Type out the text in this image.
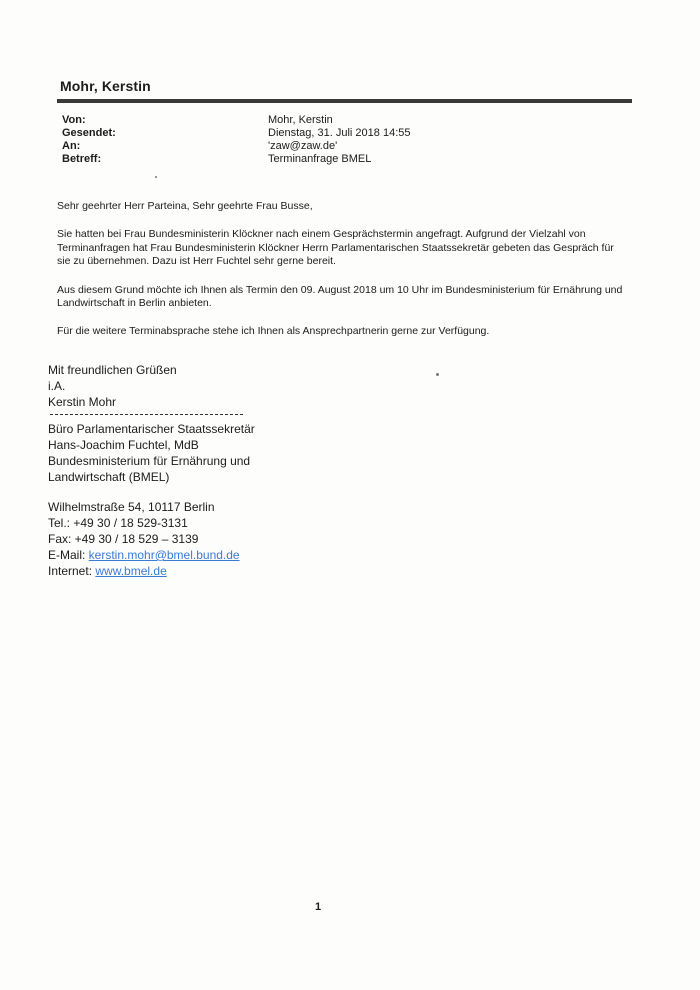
Mohr, Kerstin
Von:	Mohr, Kerstin
Gesendet:	Dienstag, 31. Juli 2018 14:55
An:	'zaw@zaw.de'
Betreff:	Terminanfrage BMEL

Sehr geehrter Herr Parteina, Sehr geehrte Frau Busse,

Sie hatten bei Frau Bundesministerin Klöckner nach einem Gesprächstermin angefragt. Aufgrund der Vielzahl von Terminanfragen hat Frau Bundesministerin Klöckner Herrn Parlamentarischen Staatssekretär gebeten das Gespräch für sie zu übernehmen. Dazu ist Herr Fuchtel sehr gerne bereit.

Aus diesem Grund möchte ich Ihnen als Termin den 09. August 2018 um 10 Uhr im Bundesministerium für Ernährung und Landwirtschaft in Berlin anbieten.

Für die weitere Terminabsprache stehe ich Ihnen als Ansprechpartnerin gerne zur Verfügung.

Mit freundlichen Grüßen
i.A.
Kerstin Mohr
Büro Parlamentarischer Staatssekretär
Hans-Joachim Fuchtel, MdB
Bundesministerium für Ernährung und
Landwirtschaft (BMEL)
Wilhelmstraße 54, 10117 Berlin
Tel.: +49 30 / 18 529-3131
Fax: +49 30 / 18 529 – 3139
E-Mail: kerstin.mohr@bmel.bund.de
Internet: www.bmel.de
1
